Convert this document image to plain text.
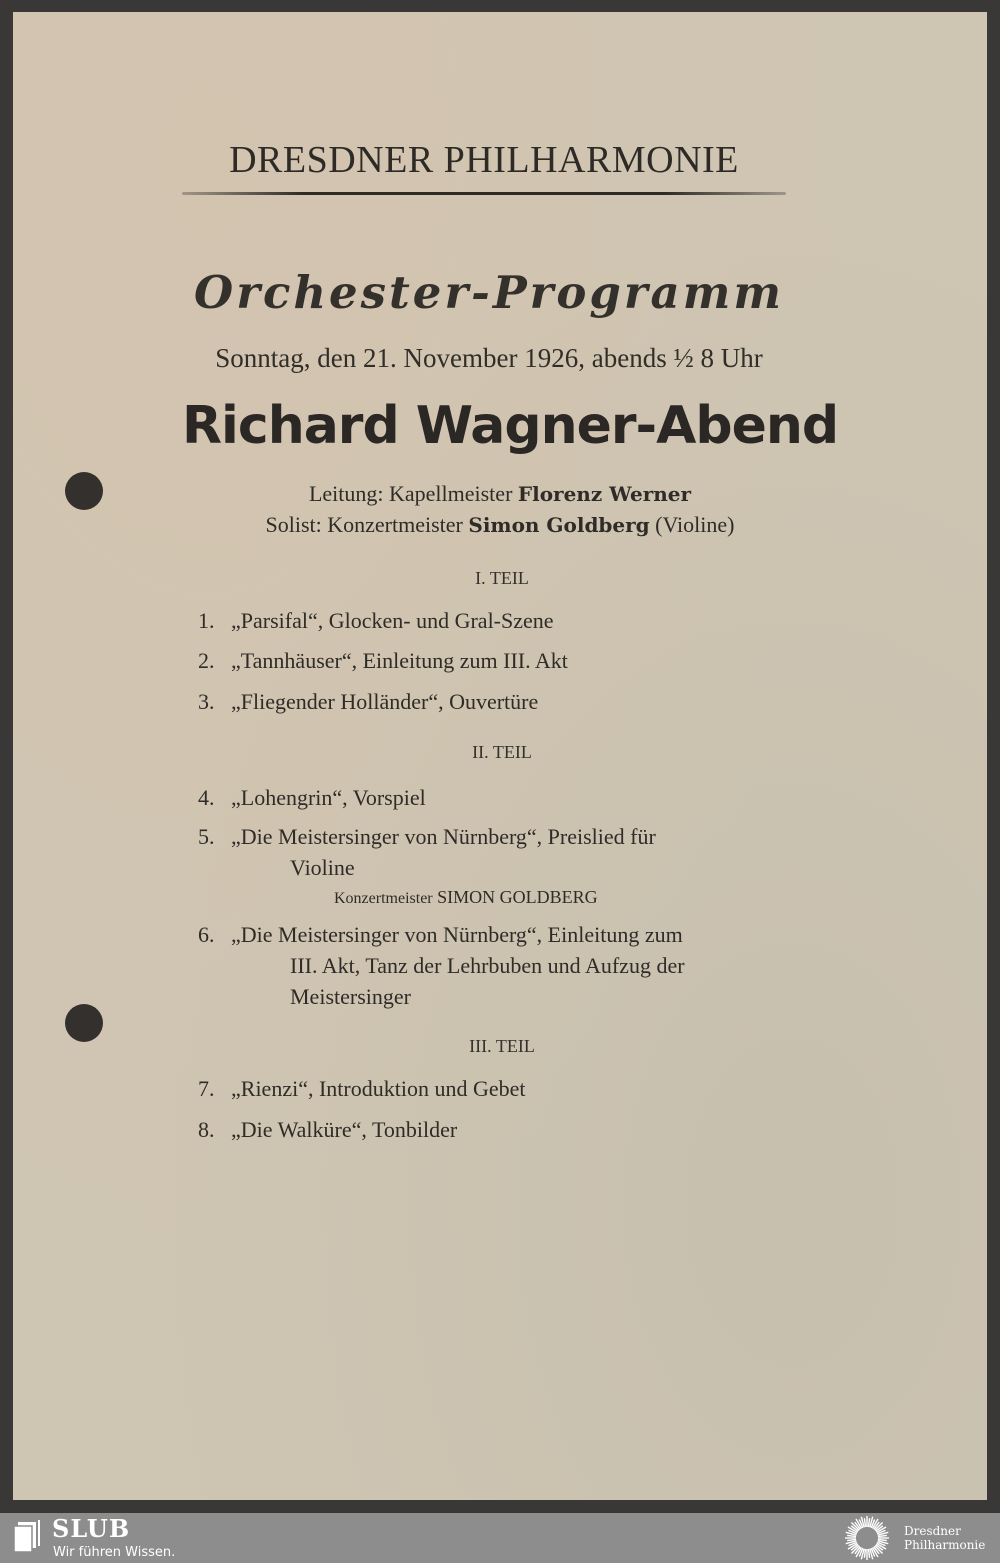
DRESDNER PHILHARMONIE
Orchester-Programm
Sonntag, den 21. November 1926, abends ½ 8 Uhr
Richard Wagner-Abend
Leitung: Kapellmeister Florenz Werner
Solist: Konzertmeister Simon Goldberg (Violine)
I. TEIL
1. „Parsifal“, Glocken- und Gral-Szene
2. „Tannhäuser“, Einleitung zum III. Akt
3. „Fliegender Holländer“, Ouvertüre
II. TEIL
4. „Lohengrin“, Vorspiel
5. „Die Meistersinger von Nürnberg“, Preislied für
Violine
Konzertmeister SIMON GOLDBERG
6. „Die Meistersinger von Nürnberg“, Einleitung zum
III. Akt, Tanz der Lehrbuben und Aufzug der
Meistersinger
III. TEIL
7. „Rienzi“, Introduktion und Gebet
8. „Die Walküre“, Tonbilder
SLUB
Wir führen Wissen.
Dresdner
Philharmonie
